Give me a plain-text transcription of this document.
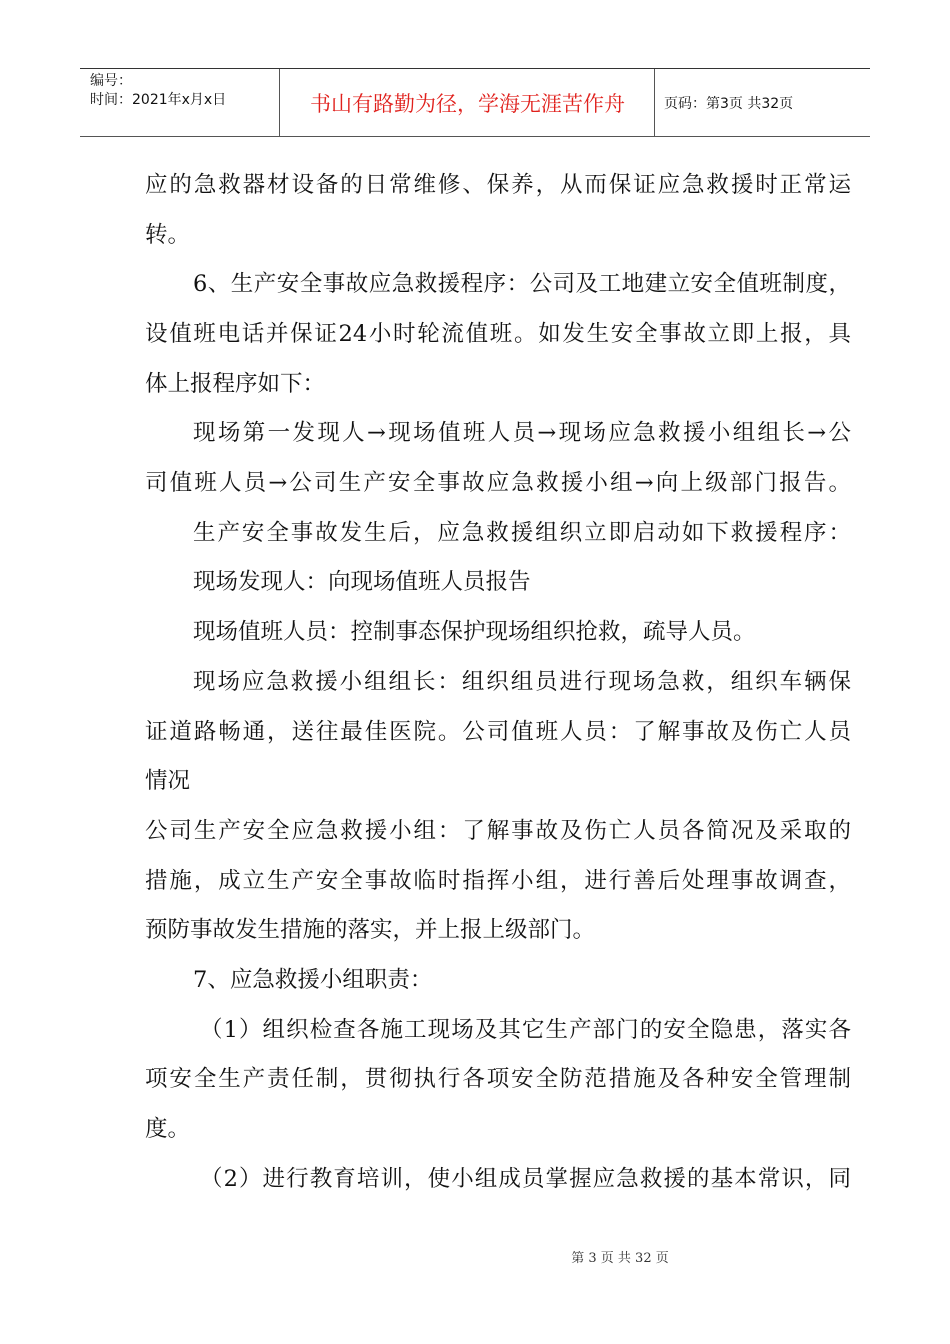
编号：
时间：2021年x月x日	书山有路勤为径，学海无涯苦作舟	页码：第3页 共32页
应的急救器材设备的日常维修、保养，从而保证应急救援时正常运
转。
6、生产安全事故应急救援程序：公司及工地建立安全值班制度，
设值班电话并保证24小时轮流值班。如发生安全事故立即上报，具
体上报程序如下：
现场第一发现人→现场值班人员→现场应急救援小组组长→公
司值班人员→公司生产安全事故应急救援小组→向上级部门报告。
生产安全事故发生后，应急救援组织立即启动如下救援程序：
现场发现人：向现场值班人员报告
现场值班人员：控制事态保护现场组织抢救，疏导人员。
现场应急救援小组组长：组织组员进行现场急救，组织车辆保
证道路畅通，送往最佳医院。公司值班人员：了解事故及伤亡人员
情况
公司生产安全应急救援小组：了解事故及伤亡人员各简况及采取的
措施，成立生产安全事故临时指挥小组，进行善后处理事故调查，
预防事故发生措施的落实，并上报上级部门。
7、应急救援小组职责：
（1）组织检查各施工现场及其它生产部门的安全隐患，落实各
项安全生产责任制，贯彻执行各项安全防范措施及各种安全管理制
度。
（2）进行教育培训，使小组成员掌握应急救援的基本常识，同
第 3 页 共 32 页
